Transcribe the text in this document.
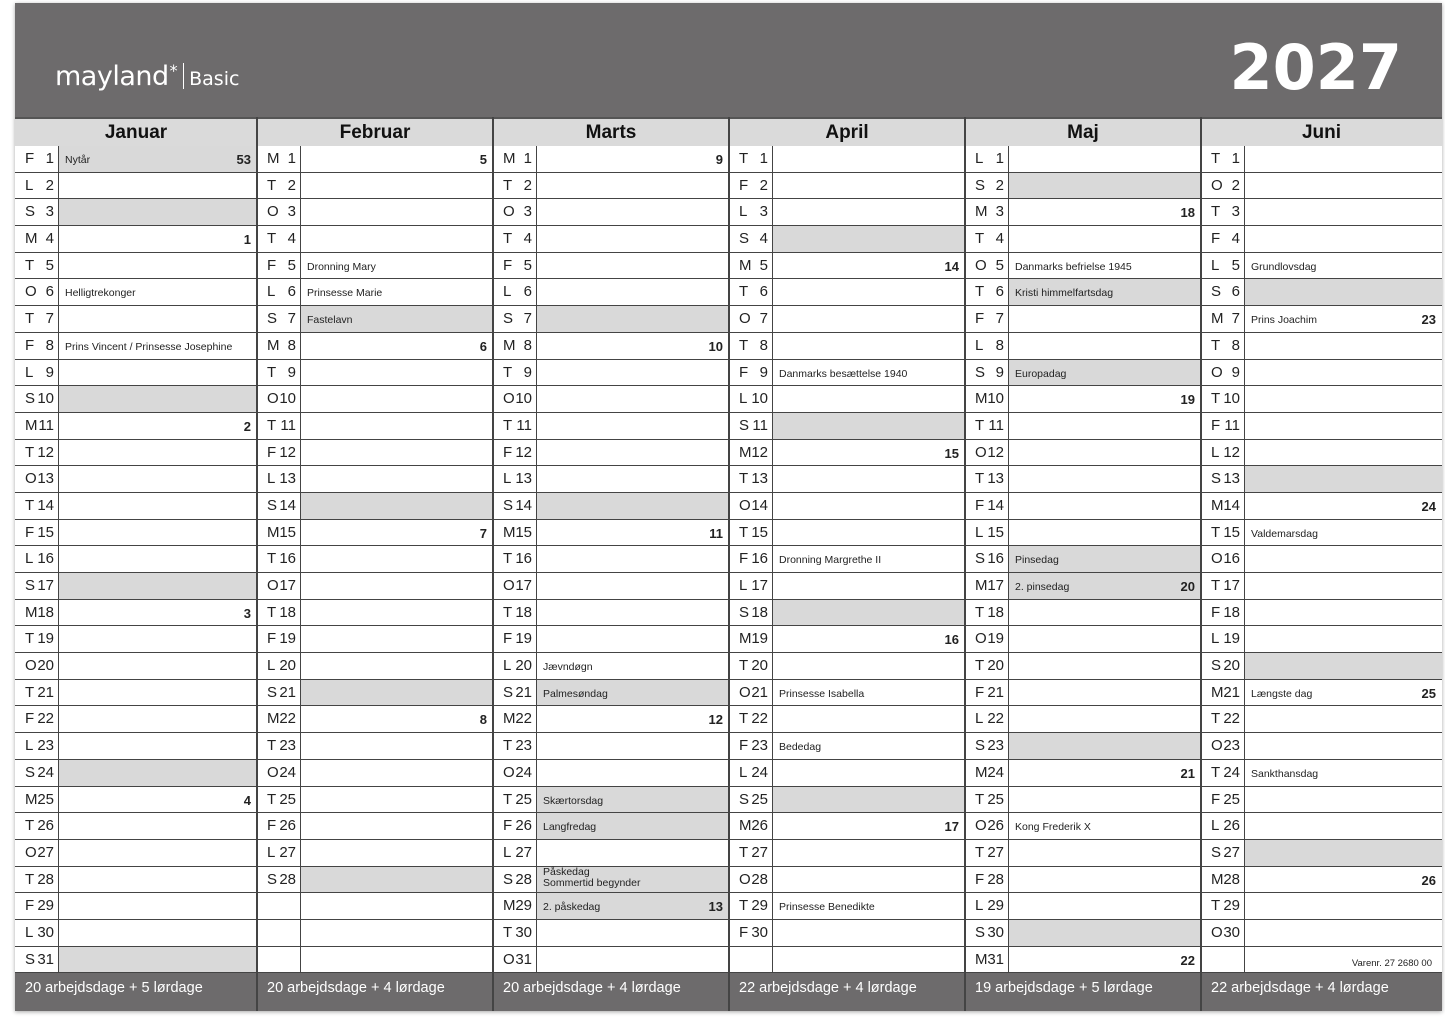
mayland* Basic	2027
Januar
F 1 Nytår	53
L 2
S 3
M 4	1
T 5
O 6 Helligtrekonger
T 7
F 8 Prins Vincent / Prinsesse Josephine
L 9
S 10
M 11	2
T 12
O 13
T 14
F 15
L 16
S 17
M 18	3
T 19
O 20
T 21
F 22
L 23
S 24
M 25	4
T 26
O 27
T 28
F 29
L 30
S 31
20 arbejdsdage + 5 lørdage
Februar
M 1	5
T 2
O 3
T 4
F 5 Dronning Mary
L 6 Prinsesse Marie
S 7 Fastelavn
M 8	6
T 9
O 10
T 11
F 12
L 13
S 14
M 15	7
T 16
O 17
T 18
F 19
L 20
S 21
M 22	8
T 23
O 24
T 25
F 26
L 27
S 28
20 arbejdsdage + 4 lørdage
Marts
M 1	9
T 2
O 3
T 4
F 5
L 6
S 7
M 8	10
T 9
O 10
T 11
F 12
L 13
S 14
M 15	11
T 16
O 17
T 18
F 19
L 20 Jævndøgn
S 21 Palmesøndag
M 22	12
T 23
O 24
T 25 Skærtorsdag
F 26 Langfredag
L 27
S 28 Påskedag
Sommertid begynder
M 29 2. påskedag	13
T 30
O 31
20 arbejdsdage + 4 lørdage
April
T 1
F 2
L 3
S 4
M 5	14
T 6
O 7
T 8
F 9 Danmarks besættelse 1940
L 10
S 11
M 12	15
T 13
O 14
T 15
F 16 Dronning Margrethe II
L 17
S 18
M 19	16
T 20
O 21 Prinsesse Isabella
T 22
F 23 Bededag
L 24
S 25
M 26	17
T 27
O 28
T 29 Prinsesse Benedikte
F 30
22 arbejdsdage + 4 lørdage
Maj
L 1
S 2
M 3	18
T 4
O 5 Danmarks befrielse 1945
T 6 Kristi himmelfartsdag
F 7
L 8
S 9 Europadag
M 10	19
T 11
O 12
T 13
F 14
L 15
S 16 Pinsedag
M 17 2. pinsedag	20
T 18
O 19
T 20
F 21
L 22
S 23
M 24	21
T 25
O 26 Kong Frederik X
T 27
F 28
L 29
S 30
M 31	22
19 arbejdsdage + 5 lørdage
Juni
T 1
O 2
T 3
F 4
L 5 Grundlovsdag
S 6
M 7 Prins Joachim	23
T 8
O 9
T 10
F 11
L 12
S 13
M 14	24
T 15 Valdemarsdag
O 16
T 17
F 18
L 19
S 20
M 21 Længste dag	25
T 22
O 23
T 24 Sankthansdag
F 25
L 26
S 27
M 28	26
T 29
O 30
Varenr. 27 2680 00
22 arbejdsdage + 4 lørdage
